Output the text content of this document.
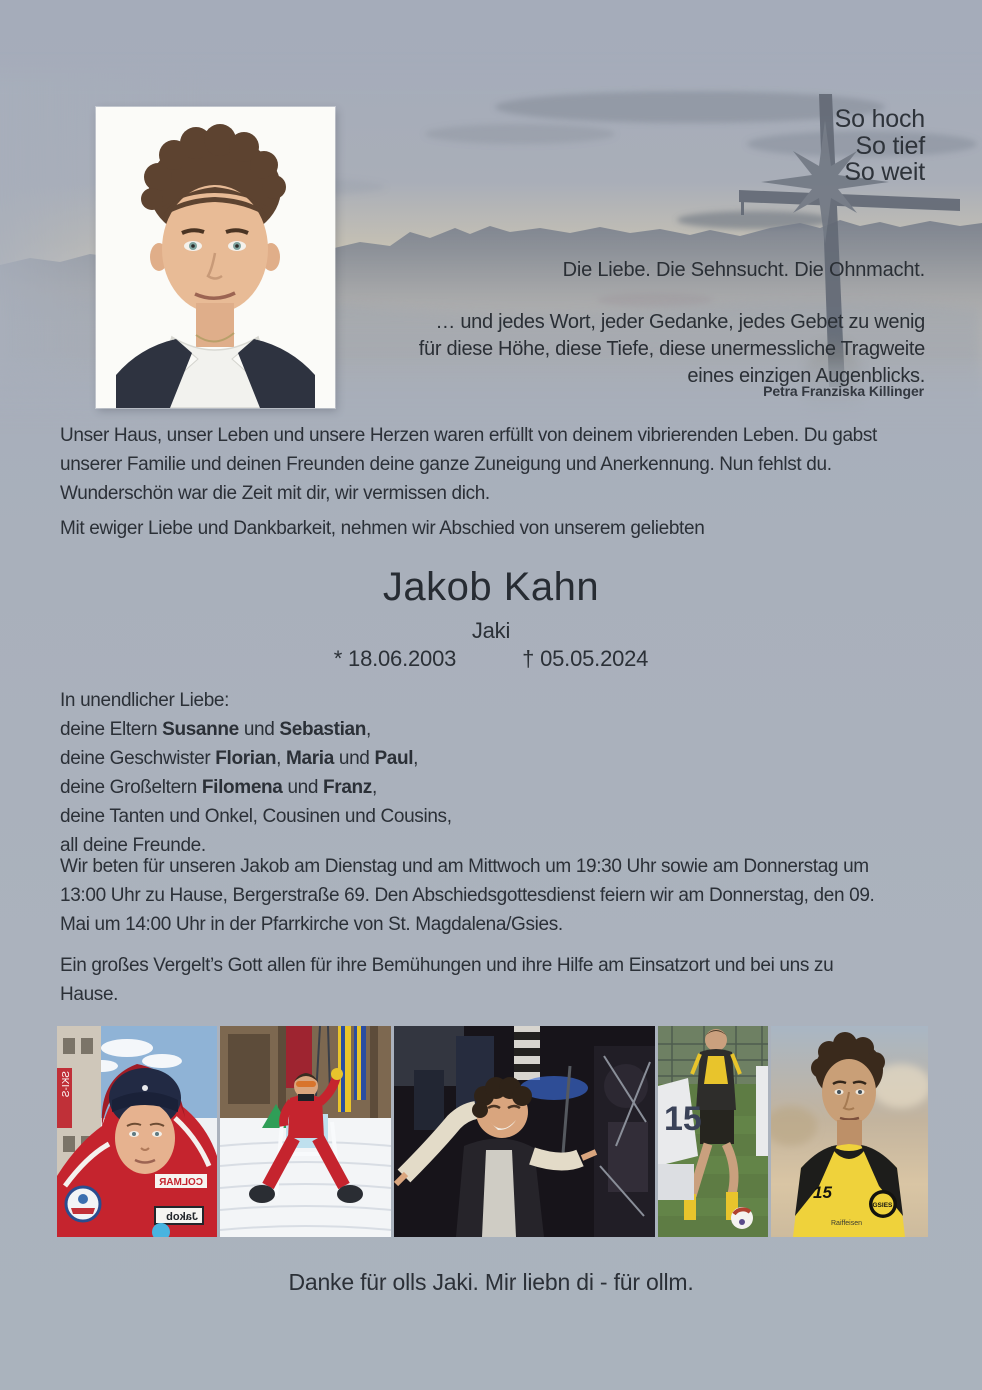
So hoch
So tief
So weit
Die Liebe. Die Sehnsucht. Die Ohnmacht.
… und jedes Wort, jeder Gedanke, jedes Gebet zu wenig
für diese Höhe, diese Tiefe, diese unermessliche Tragweite
eines einzigen Augenblicks.
Petra Franziska Killinger
Unser Haus, unser Leben und unsere Herzen waren erfüllt von deinem vibrierenden Leben. Du gabst
unserer Familie und deinen Freunden deine ganze Zuneigung und Anerkennung. Nun fehlst du.
Wunderschön war die Zeit mit dir, wir vermissen dich.
Mit ewiger Liebe und Dankbarkeit, nehmen wir Abschied von unserem geliebten
Jakob Kahn
Jaki
* 18.06.2003	† 05.05.2024
In unendlicher Liebe:
deine Eltern Susanne und Sebastian,
deine Geschwister Florian, Maria und Paul,
deine Großeltern Filomena und Franz,
deine Tanten und Onkel, Cousinen und Cousins,
all deine Freunde.
Wir beten für unseren Jakob am Dienstag und am Mittwoch um 19:30 Uhr sowie am Donnerstag um
13:00 Uhr zu Hause, Bergerstraße 69. Den Abschiedsgottesdienst feiern wir am Donnerstag, den 09.
Mai um 14:00 Uhr in der Pfarrkirche von St. Magdalena/Gsies.
Ein großes Vergelt’s Gott allen für ihre Bemühungen und ihre Hilfe am Einsatzort und bei uns zu
Hause.
SKI-S
COLMAR
Jakob
15
15
GSIES
Raiffeisen
Danke für olls Jaki. Mir liebn di - für ollm.
